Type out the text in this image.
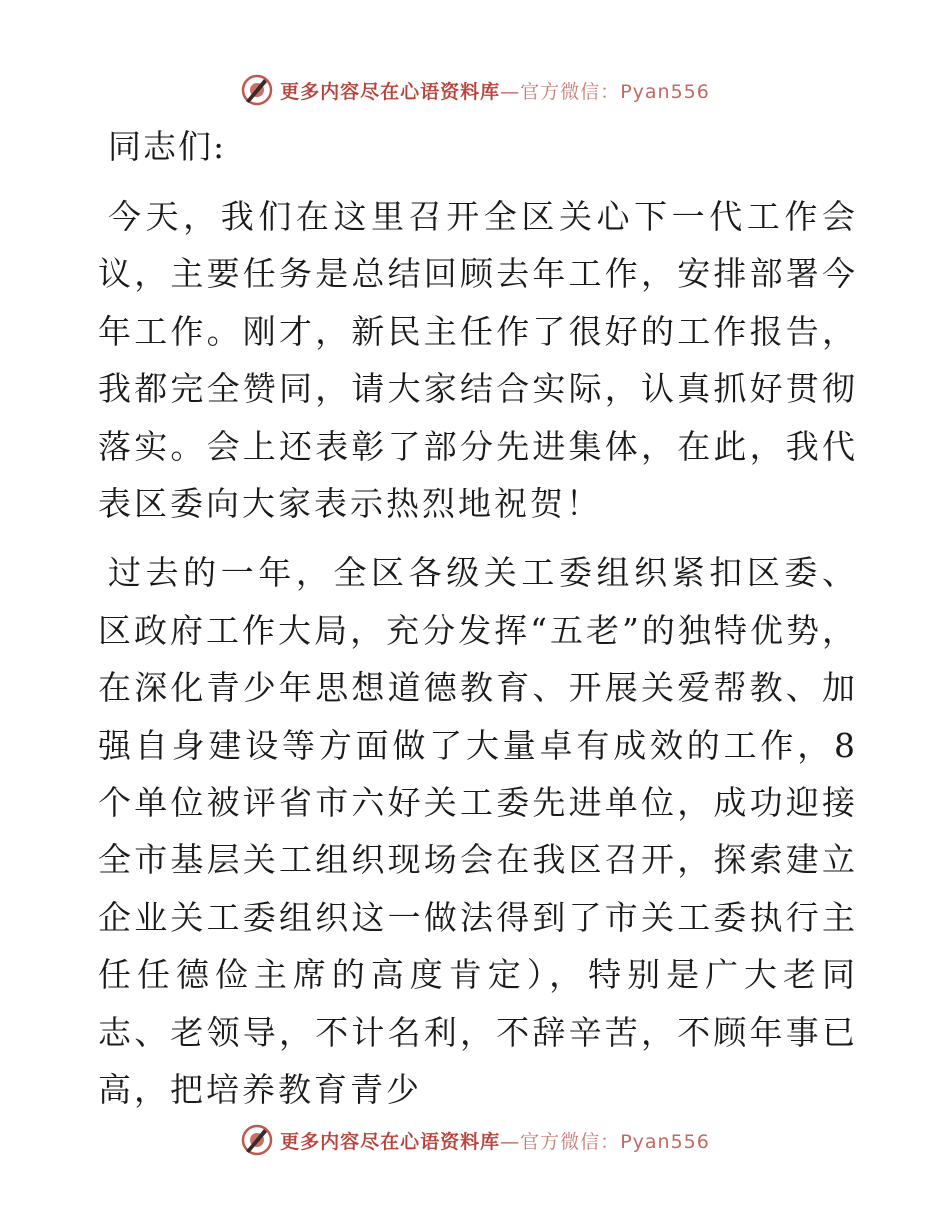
更多内容尽在心语资料库—官方微信：Pyan556
同志们:

今天，我们在这里召开全区关心下一代工作会议，主要任务是总结回顾去年工作，安排部署今年工作。刚才，新民主任作了很好的工作报告，我都完全赞同，请大家结合实际，认真抓好贯彻落实。会上还表彰了部分先进集体，在此，我代表区委向大家表示热烈地祝贺！

过去的一年，全区各级关工委组织紧扣区委、区政府工作大局，充分发挥“五老”的独特优势，在深化青少年思想道德教育、开展关爱帮教、加强自身建设等方面做了大量卓有成效的工作，8个单位被评省市六好关工委先进单位，成功迎接全市基层关工组织现场会在我区召开，探索建立企业关工委组织这一做法得到了市关工委执行主任任德俭主席的高度肯定），特别是广大老同志、老领导，不计名利，不辞辛苦，不顾年事已高，把培养教育青少

更多内容尽在心语资料库—官方微信：Pyan556
